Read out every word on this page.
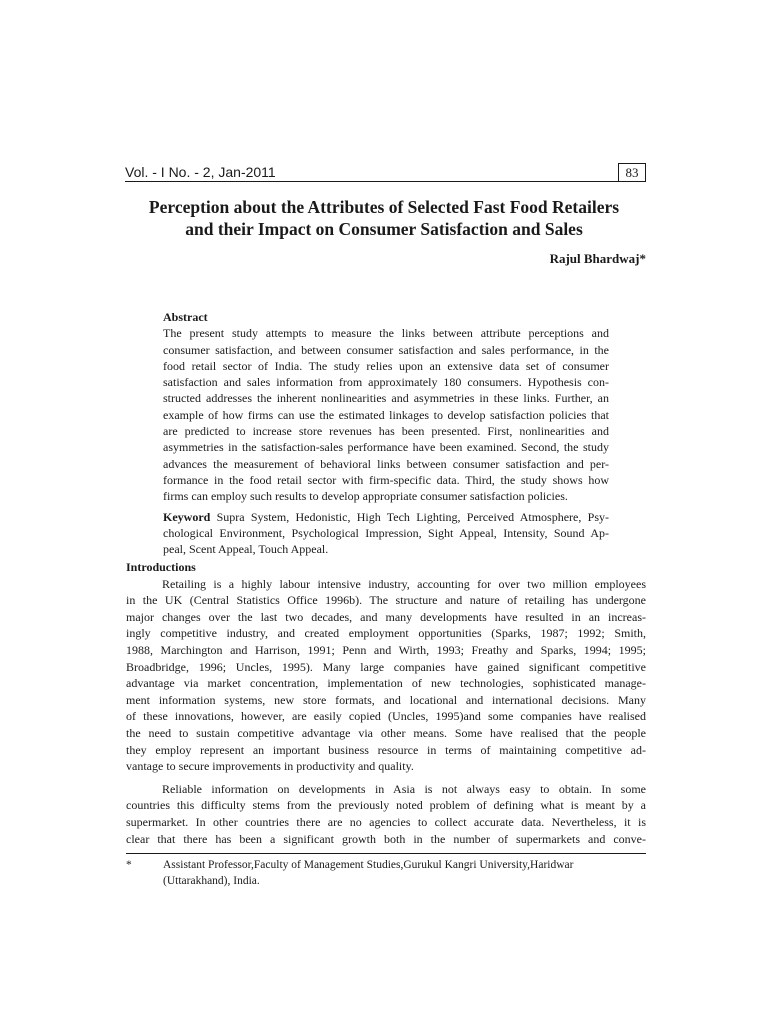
Vol. - I No. - 2, Jan-2011	83
Perception about the Attributes of Selected Fast Food Retailers
and their Impact on Consumer Satisfaction and Sales
Rajul Bhardwaj*
Abstract
The present study attempts to measure the links between attribute perceptions and
consumer satisfaction, and between consumer satisfaction and sales performance, in the
food retail sector of India. The study relies upon an extensive data set of consumer
satisfaction and sales information from approximately 180 consumers. Hypothesis con-
structed addresses the inherent nonlinearities and asymmetries in these links. Further, an
example of how firms can use the estimated linkages to develop satisfaction policies that
are predicted to increase store revenues has been presented. First, nonlinearities and
asymmetries in the satisfaction-sales performance have been examined. Second, the study
advances the measurement of behavioral links between consumer satisfaction and per-
formance in the food retail sector with firm-specific data. Third, the study shows how
firms can employ such results to develop appropriate consumer satisfaction policies.
Keyword Supra System, Hedonistic, High Tech Lighting, Perceived Atmosphere, Psy-
chological Environment, Psychological Impression, Sight Appeal, Intensity, Sound Ap-
peal, Scent Appeal, Touch Appeal.
Introductions
Retailing is a highly labour intensive industry, accounting for over two million employees
in the UK (Central Statistics Office 1996b). The structure and nature of retailing has undergone
major changes over the last two decades, and many developments have resulted in an increas-
ingly competitive industry, and created employment opportunities (Sparks, 1987; 1992; Smith,
1988, Marchington and Harrison, 1991; Penn and Wirth, 1993; Freathy and Sparks, 1994; 1995;
Broadbridge, 1996; Uncles, 1995). Many large companies have gained significant competitive
advantage via market concentration, implementation of new technologies, sophisticated manage-
ment information systems, new store formats, and locational and international decisions. Many
of these innovations, however, are easily copied (Uncles, 1995)and some companies have realised
the need to sustain competitive advantage via other means. Some have realised that the people
they employ represent an important business resource in terms of maintaining competitive ad-
vantage to secure improvements in productivity and quality.
Reliable information on developments in Asia is not always easy to obtain. In some
countries this difficulty stems from the previously noted problem of defining what is meant by a
supermarket. In other countries there are no agencies to collect accurate data. Nevertheless, it is
clear that there has been a significant growth both in the number of supermarkets and conve-
*	Assistant Professor,Faculty of Management Studies,Gurukul Kangri University,Haridwar
(Uttarakhand), India.
